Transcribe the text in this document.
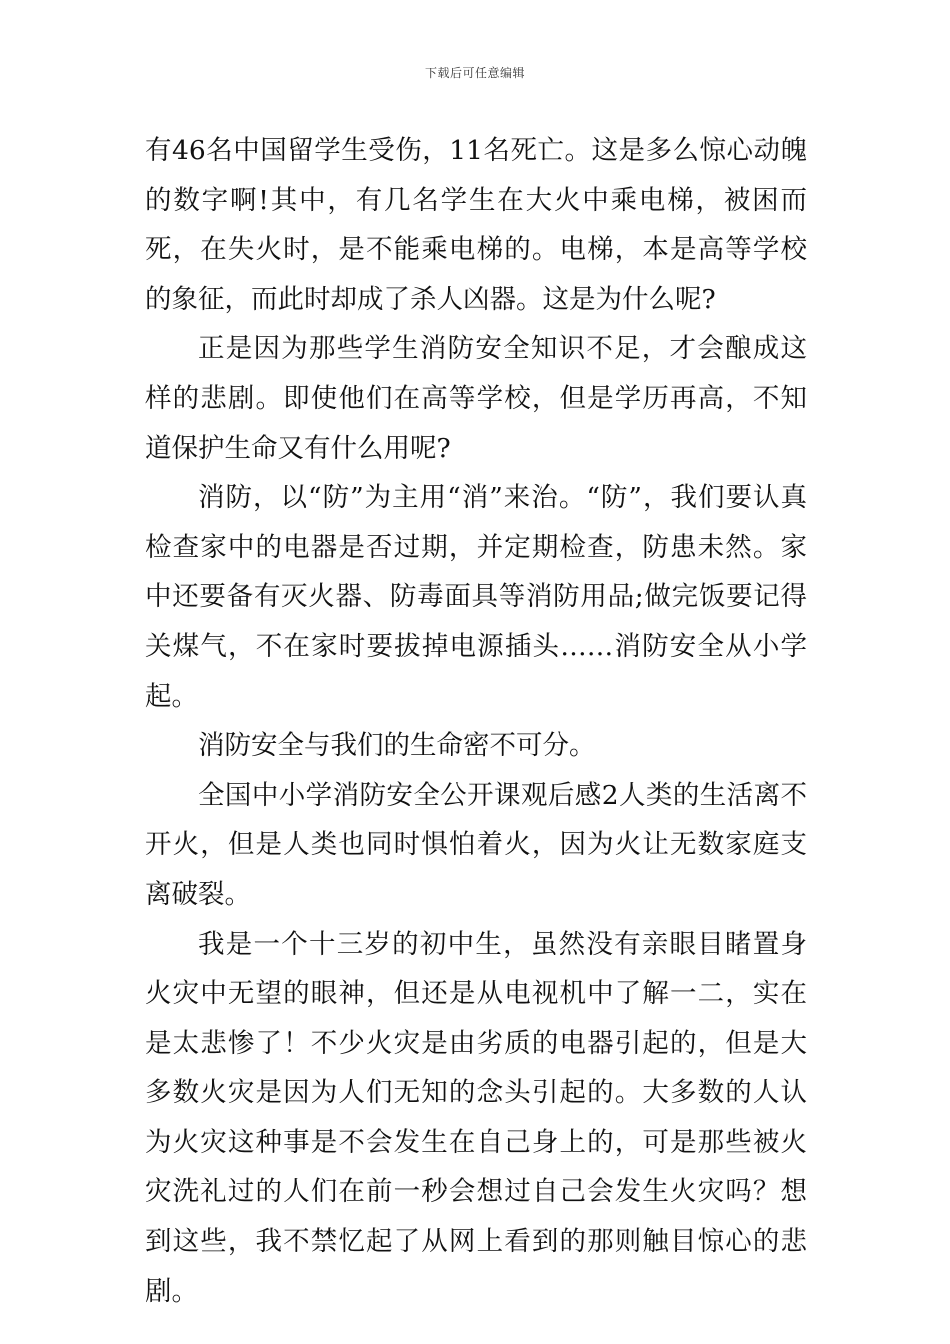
下载后可任意编辑

有46名中国留学生受伤，11名死亡。这是多么惊心动魄的数字啊!其中，有几名学生在大火中乘电梯，被困而死，在失火时，是不能乘电梯的。电梯，本是高等学校的象征，而此时却成了杀人凶器。这是为什么呢?

正是因为那些学生消防安全知识不足，才会酿成这样的悲剧。即使他们在高等学校，但是学历再高，不知道保护生命又有什么用呢?

消防，以“防”为主用“消”来治。“防”，我们要认真检查家中的电器是否过期，并定期检查，防患未然。家中还要备有灭火器、防毒面具等消防用品;做完饭要记得关煤气，不在家时要拔掉电源插头……消防安全从小学起。

消防安全与我们的生命密不可分。

全国中小学消防安全公开课观后感2人类的生活离不开火，但是人类也同时惧怕着火，因为火让无数家庭支离破裂。

我是一个十三岁的初中生，虽然没有亲眼目睹置身火灾中无望的眼神，但还是从电视机中了解一二，实在是太悲惨了！不少火灾是由劣质的电器引起的，但是大多数火灾是因为人们无知的念头引起的。大多数的人认为火灾这种事是不会发生在自己身上的，可是那些被火灾洗礼过的人们在前一秒会想过自己会发生火灾吗？想到这些，我不禁忆起了从网上看到的那则触目惊心的悲剧。
